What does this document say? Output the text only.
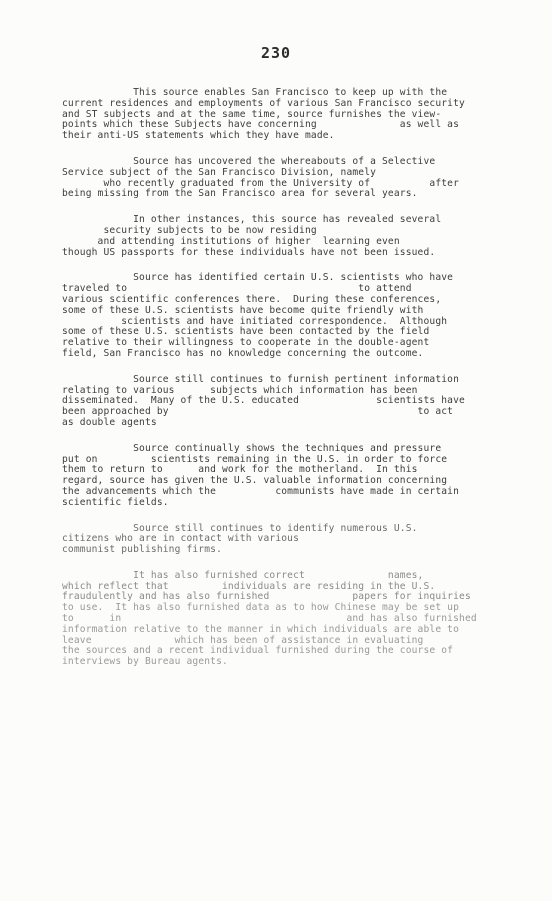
230
This source enables San Francisco to keep up with the
current residences and employments of various San Francisco security
and ST subjects and at the same time, source furnishes the view-
points which these Subjects have concerning              as well as
their anti-US statements which they have made.
Source has uncovered the whereabouts of a Selective
Service subject of the San Francisco Division, namely
who recently graduated from the University of          after
being missing from the San Francisco area for several years.
In other instances, this source has revealed several
security subjects to be now residing
and attending institutions of higher  learning even
though US passports for these individuals have not been issued.
Source has identified certain U.S. scientists who have
traveled to                                       to attend
various scientific conferences there.  During these conferences,
some of these U.S. scientists have become quite friendly with
scientists and have initiated correspondence.  Although
some of these U.S. scientists have been contacted by the field
relative to their willingness to cooperate in the double-agent
field, San Francisco has no knowledge concerning the outcome.
Source still continues to furnish pertinent information
relating to various      subjects which information has been
disseminated.  Many of the U.S. educated             scientists have
been approached by                                          to act
as double agents
Source continually shows the techniques and pressure
put on         scientists remaining in the U.S. in order to force
them to return to      and work for the motherland.  In this
regard, source has given the U.S. valuable information concerning
the advancements which the          communists have made in certain
scientific fields.
Source still continues to identify numerous U.S.
citizens who are in contact with various
communist publishing firms.
It has also furnished correct              names,
which reflect that         individuals are residing in the U.S.
fraudulently and has also furnished              papers for inquiries
to use.  It has also furnished data as to how Chinese may be set up
to      in                                      and has also furnished
information relative to the manner in which individuals are able to
leave              which has been of assistance in evaluating
the sources and a recent individual furnished during the course of
interviews by Bureau agents.
